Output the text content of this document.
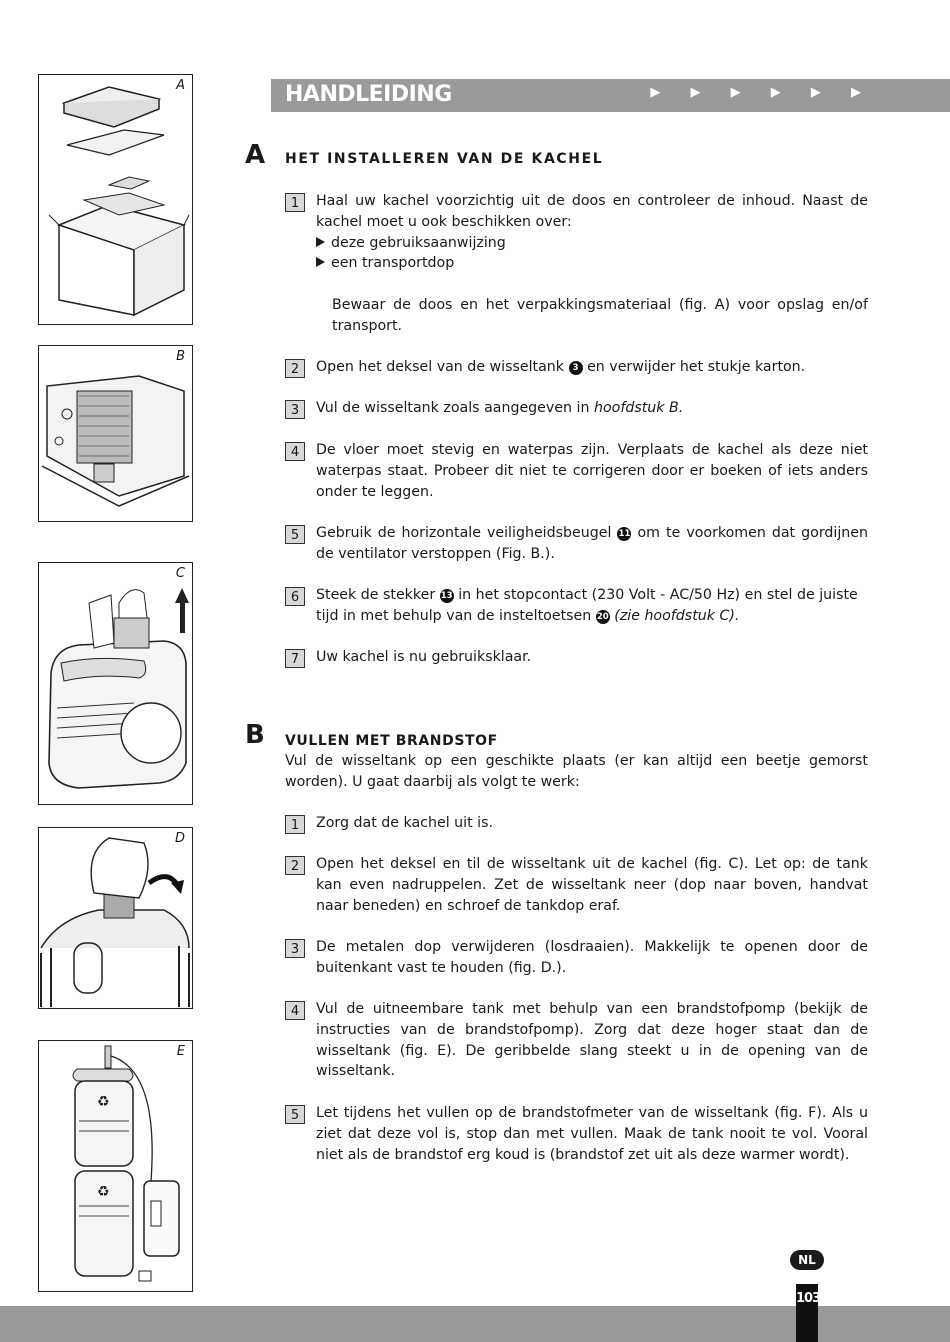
A
B
C
D
E
♻
♻
HANDLEIDING	▶ ▶ ▶ ▶ ▶ ▶
A HET INSTALLEREN VAN DE KACHEL
1	Haal uw kachel voorzichtig uit de doos en controleer de inhoud. Naast de kachel moet u ook beschikken over:
deze gebruiksaanwijzing
een transportdop
Bewaar de doos en het verpakkingsmateriaal (fig. A) voor opslag en/of transport.
2	Open het deksel van de wisseltank 3 en verwijder het stukje karton.
3	Vul de wisseltank zoals aangegeven in hoofdstuk B.
4	De vloer moet stevig en waterpas zijn. Verplaats de kachel als deze niet waterpas staat. Probeer dit niet te corrigeren door er boeken of iets anders onder te leggen.
5	Gebruik de horizontale veiligheidsbeugel 11 om te voorkomen dat gordijnen de ventilator verstoppen (Fig. B.).
6	Steek de stekker 13 in het stopcontact (230 Volt - AC/50 Hz) en stel de juiste tijd in met behulp van de insteltoetsen 20 (zie hoofdstuk C).
7	Uw kachel is nu gebruiksklaar.
B VULLEN MET BRANDSTOF
Vul de wisseltank op een geschikte plaats (er kan altijd een beetje gemorst worden). U gaat daarbij als volgt te werk:
1	Zorg dat de kachel uit is.
2	Open het deksel en til de wisseltank uit de kachel (fig. C). Let op: de tank kan even nadruppelen. Zet de wisseltank neer (dop naar boven, handvat naar beneden) en schroef de tankdop eraf.
3	De metalen dop verwijderen (losdraaien). Makkelijk te openen door de buitenkant vast te houden (fig. D.).
4	Vul de uitneembare tank met behulp van een brandstofpomp (bekijk de instructies van de brandstofpomp). Zorg dat deze hoger staat dan de wisseltank (fig. E). De geribbelde slang steekt u in de opening van de wisseltank.
5	Let tijdens het vullen op de brandstofmeter van de wisseltank (fig. F). Als u ziet dat deze vol is, stop dan met vullen. Maak de tank nooit te vol. Vooral niet als de brandstof erg koud is (brandstof zet uit als deze warmer wordt).
NL
103
